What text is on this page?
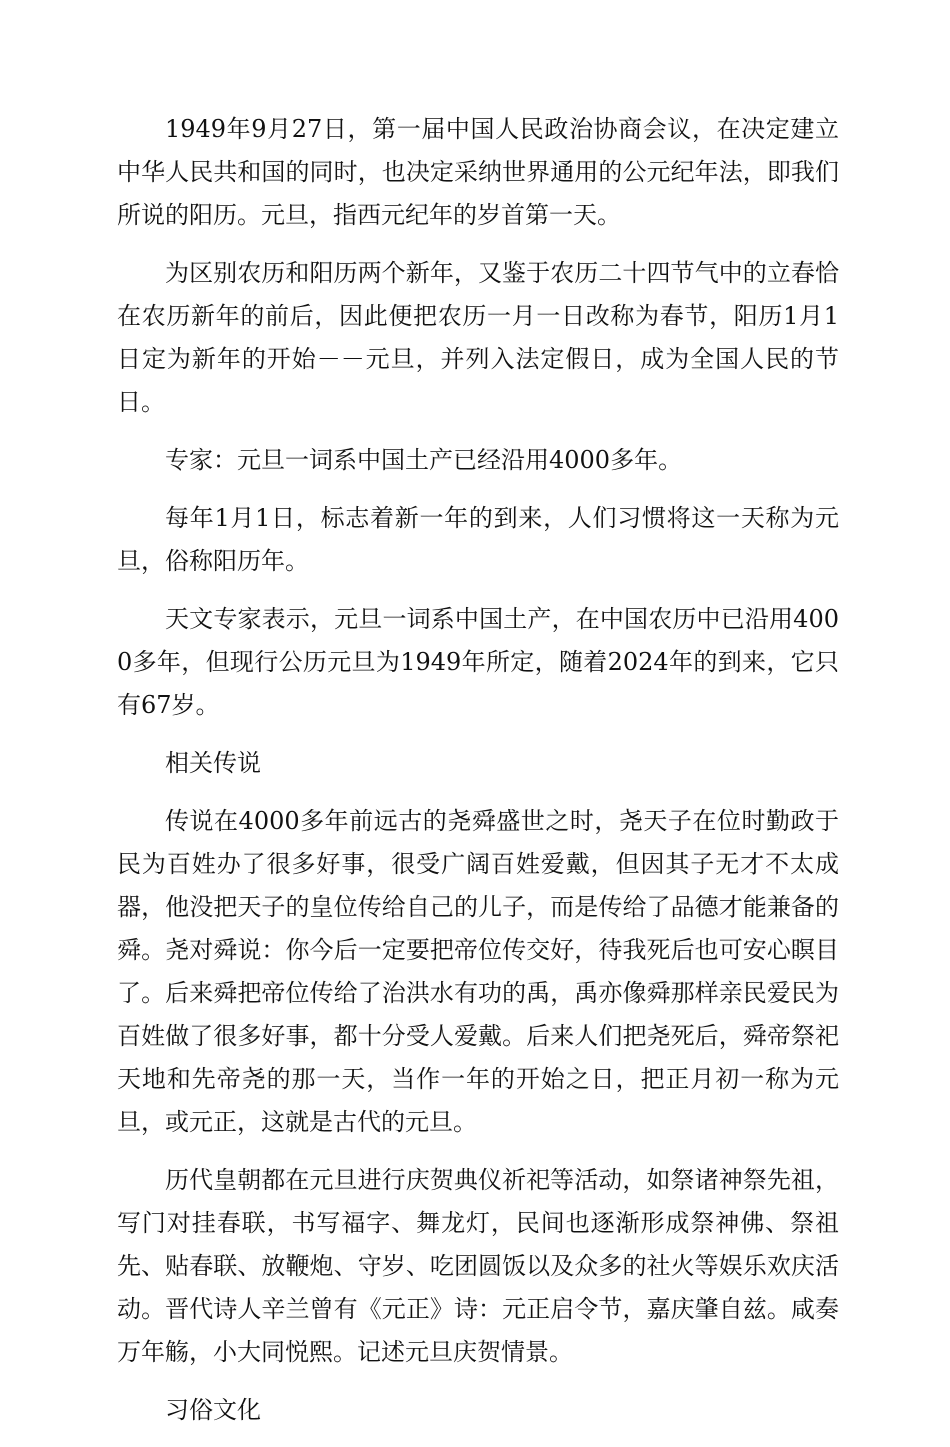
1949年9月27日，第一届中国人民政治协商会议，在决定建立中华人民共和国的同时，也决定采纳世界通用的公元纪年法，即我们所说的阳历。元旦，指西元纪年的岁首第一天。

为区别农历和阳历两个新年，又鉴于农历二十四节气中的立春恰在农历新年的前后，因此便把农历一月一日改称为春节，阳历1月1日定为新年的开始－－元旦，并列入法定假日，成为全国人民的节日。

专家：元旦一词系中国土产已经沿用4000多年。

每年1月1日，标志着新一年的到来，人们习惯将这一天称为元旦，俗称阳历年。

天文专家表示，元旦一词系中国土产，在中国农历中已沿用4000多年，但现行公历元旦为1949年所定，随着2024年的到来，它只有67岁。

相关传说

传说在4000多年前远古的尧舜盛世之时，尧天子在位时勤政于民为百姓办了很多好事，很受广阔百姓爱戴，但因其子无才不太成器，他没把天子的皇位传给自己的儿子，而是传给了品德才能兼备的舜。尧对舜说：你今后一定要把帝位传交好，待我死后也可安心瞑目了。后来舜把帝位传给了治洪水有功的禹，禹亦像舜那样亲民爱民为百姓做了很多好事，都十分受人爱戴。后来人们把尧死后，舜帝祭祀天地和先帝尧的那一天，当作一年的开始之日，把正月初一称为元旦，或元正，这就是古代的元旦。

历代皇朝都在元旦进行庆贺典仪祈祀等活动，如祭诸神祭先祖，写门对挂春联，书写福字、舞龙灯，民间也逐渐形成祭神佛、祭祖先、贴春联、放鞭炮、守岁、吃团圆饭以及众多的社火等娱乐欢庆活动。晋代诗人辛兰曾有《元正》诗：元正启令节，嘉庆肇自兹。咸奏万年觞，小大同悦熙。记述元旦庆贺情景。

习俗文化
